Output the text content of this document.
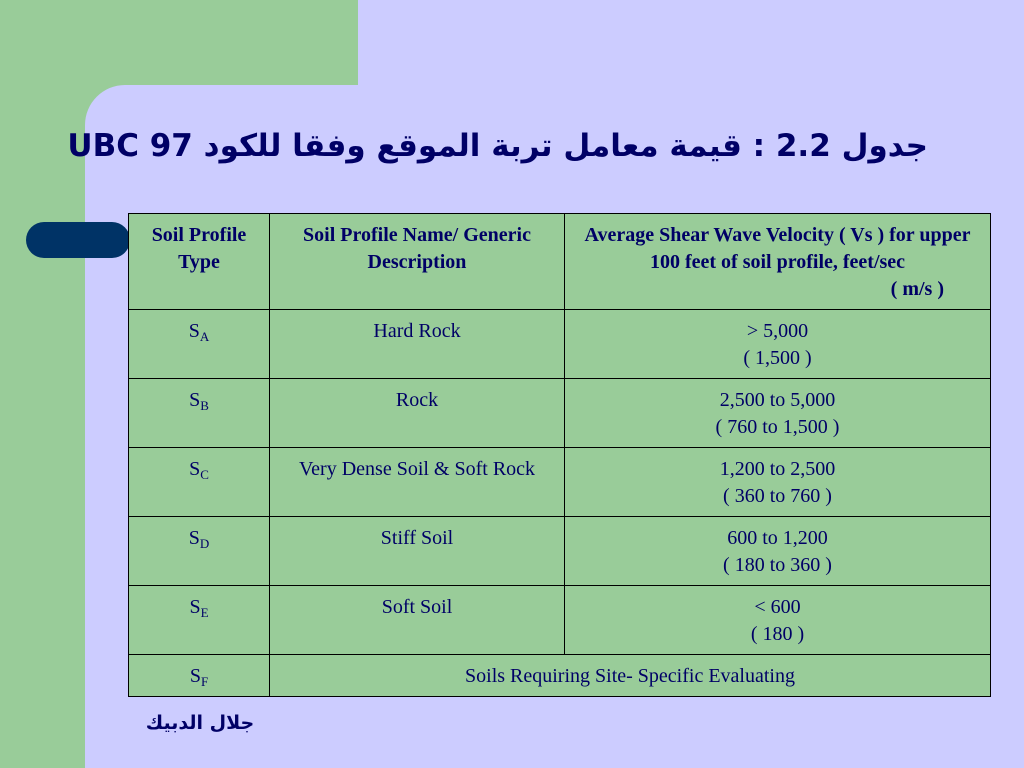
جدول 2.2 : قيمة معامل تربة الموقع وفقا للكود UBC 97
Soil Profile Type	Soil Profile Name/ Generic Description	Average Shear Wave Velocity ( Vs ) for upper 100 feet of soil profile, feet/sec
( m/s )

$S_A$	Hard Rock	> 5,000
( 1,500 )
$S_B$	Rock	2,500 to 5,000
( 760 to 1,500 )
$S_C$	Very Dense Soil & Soft Rock	1,200 to 2,500
( 360 to 760 )
$S_D$	Stiff Soil	600 to 1,200
( 180 to 360 )
$S_E$	Soft Soil	< 600
( 180 )
$S_F$	Soils Requiring Site- Specific Evaluating	
جلال الدبيك
